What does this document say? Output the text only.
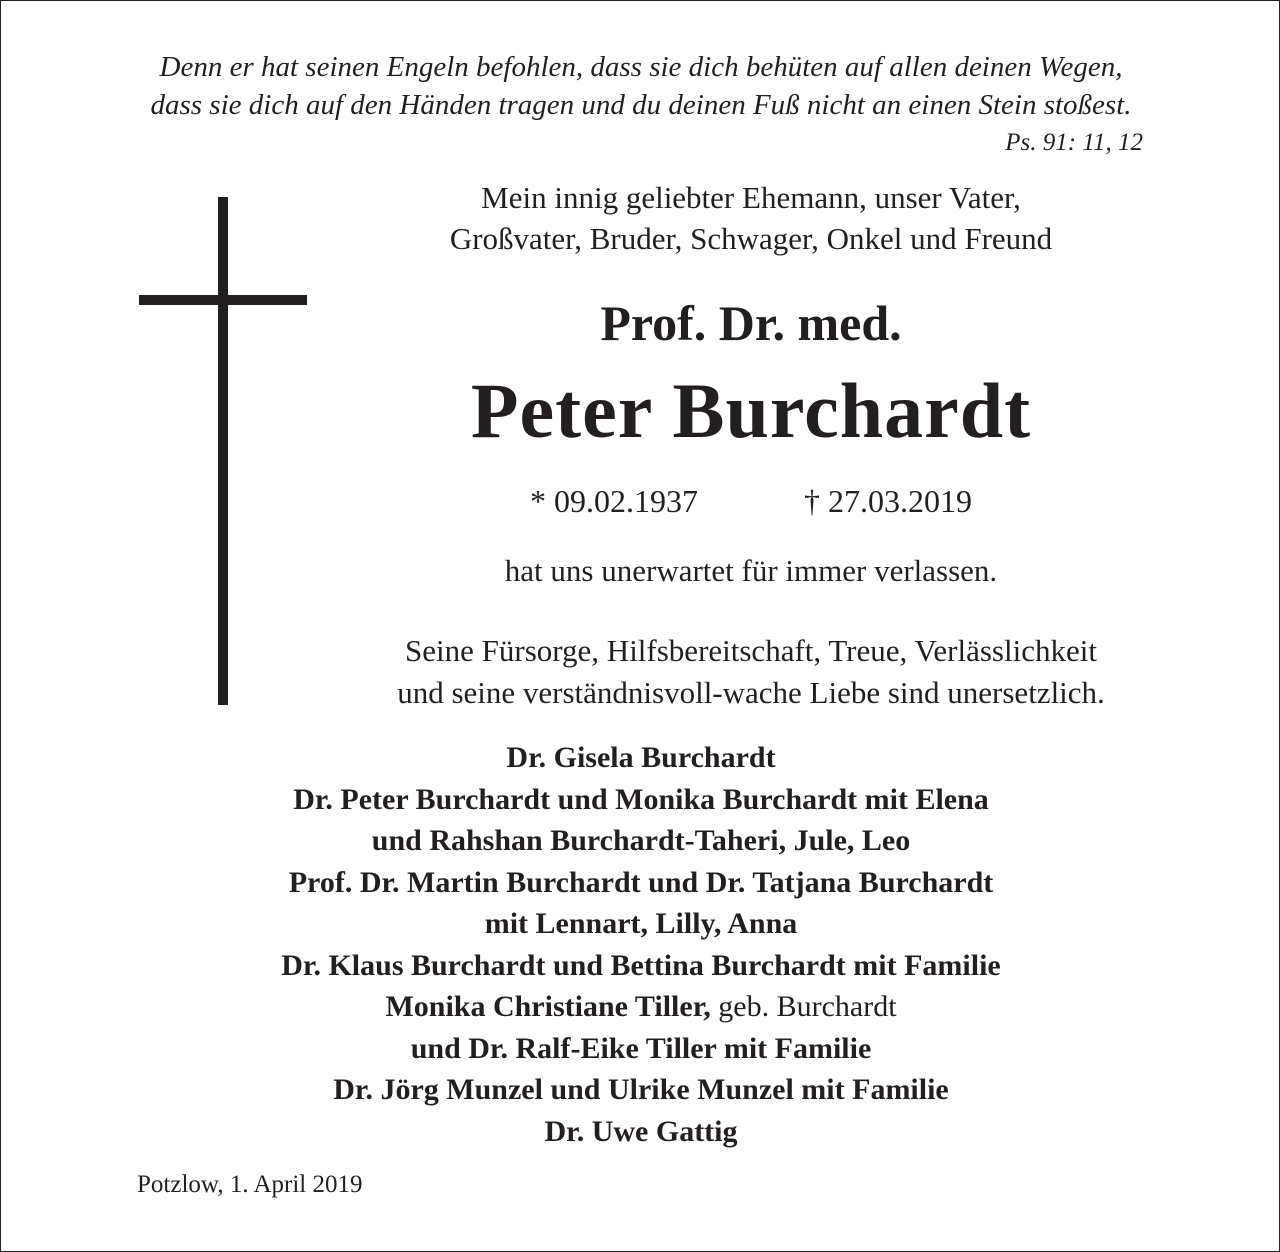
Denn er hat seinen Engeln befohlen, dass sie dich behüten auf allen deinen Wegen,
dass sie dich auf den Händen tragen und du deinen Fuß nicht an einen Stein stoßest.
Ps. 91: 11, 12
Mein innig geliebter Ehemann, unser Vater,
Großvater, Bruder, Schwager, Onkel und Freund
Prof. Dr. med.
Peter Burchardt
* 09.02.1937	† 27.03.2019
hat uns unerwartet für immer verlassen.
Seine Fürsorge, Hilfsbereitschaft, Treue, Verlässlichkeit
und seine verständnisvoll-wache Liebe sind unersetzlich.
Dr. Gisela Burchardt
Dr. Peter Burchardt und Monika Burchardt mit Elena
und Rahshan Burchardt-Taheri, Jule, Leo
Prof. Dr. Martin Burchardt und Dr. Tatjana Burchardt
mit Lennart, Lilly, Anna
Dr. Klaus Burchardt und Bettina Burchardt mit Familie
Monika Christiane Tiller, geb. Burchardt
und Dr. Ralf-Eike Tiller mit Familie
Dr. Jörg Munzel und Ulrike Munzel mit Familie
Dr. Uwe Gattig
Potzlow, 1. April 2019
